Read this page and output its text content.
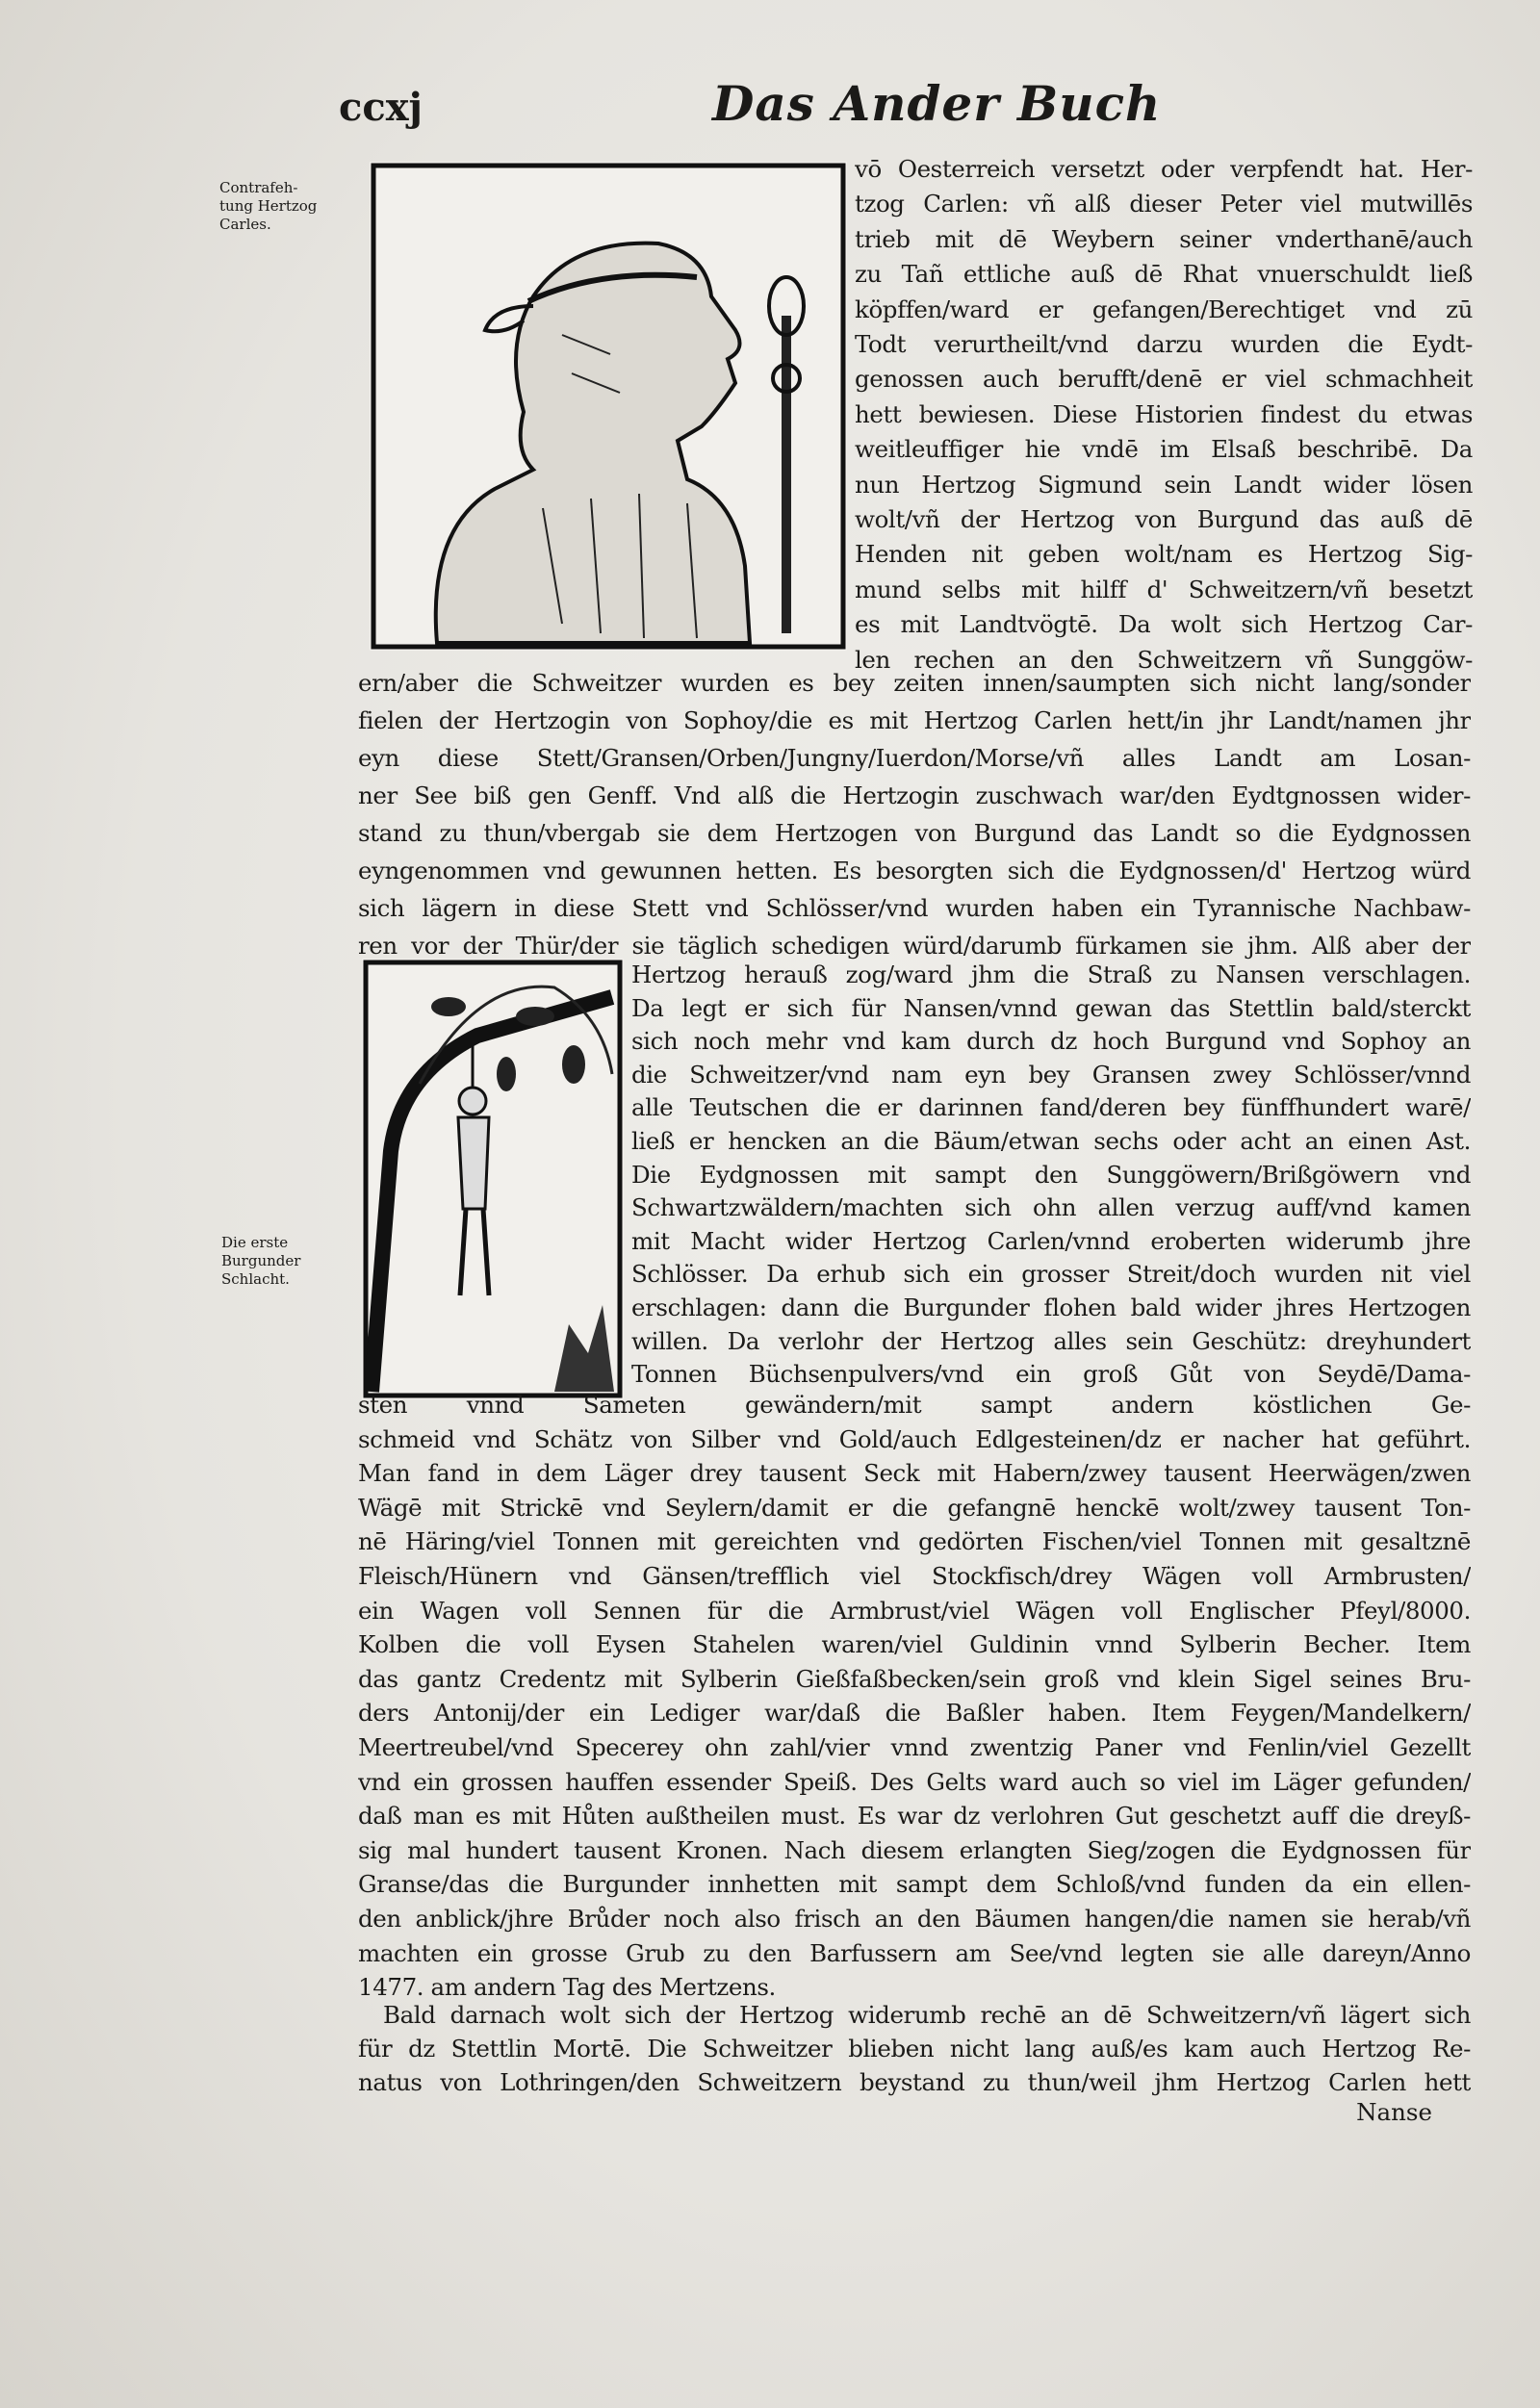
ccxj	Das Ander Buch
Contrafeh- tung Hertzog Carles.
Die erste Burgunder Schlacht.
vō Oesterreich versetzt oder verpfendt hat. Her-
tzog Carlen: vñ alß dieser Peter viel mutwillēs
trieb mit dē Weybern seiner vnderthanē/auch
zu Tañ ettliche auß dē Rhat vnuerschuldt ließ
köpffen/ward er gefangen/Berechtiget vnd zū
Todt verurtheilt/vnd darzu wurden die Eydt-
genossen auch berufft/denē er viel schmachheit
hett bewiesen. Diese Historien findest du etwas
weitleuffiger hie vndē im Elsaß beschribē. Da
nun Hertzog Sigmund sein Landt wider lösen
wolt/vñ der Hertzog von Burgund das auß dē
Henden nit geben wolt/nam es Hertzog Sig-
mund selbs mit hilff d' Schweitzern/vñ besetzt
es mit Landtvögtē. Da wolt sich Hertzog Car-
len rechen an den Schweitzern vñ Sunggöw-
ern/aber die Schweitzer wurden es bey zeiten innen/saumpten sich nicht lang/sonder
fielen der Hertzogin von Sophoy/die es mit Hertzog Carlen hett/in jhr Landt/namen jhr
eyn diese Stett/Gransen/Orben/Jungny/Iuerdon/Morse/vñ alles Landt am Losan-
ner See biß gen Genff. Vnd alß die Hertzogin zuschwach war/den Eydtgnossen wider-
stand zu thun/vbergab sie dem Hertzogen von Burgund das Landt so die Eydgnossen
eyngenommen vnd gewunnen hetten. Es besorgten sich die Eydgnossen/d' Hertzog würd
sich lägern in diese Stett vnd Schlösser/vnd wurden haben ein Tyrannische Nachbaw-
ren vor der Thür/der sie täglich schedigen würd/darumb fürkamen sie jhm. Alß aber der
Hertzog herauß zog/ward jhm die Straß zu Nansen verschlagen.
Da legt er sich für Nansen/vnnd gewan das Stettlin bald/sterckt
sich noch mehr vnd kam durch dz hoch Burgund vnd Sophoy an
die Schweitzer/vnd nam eyn bey Gransen zwey Schlösser/vnnd
alle Teutschen die er darinnen fand/deren bey fünffhundert warē/
ließ er hencken an die Bäum/etwan sechs oder acht an einen Ast.
Die Eydgnossen mit sampt den Sunggöwern/Brißgöwern vnd
Schwartzwäldern/machten sich ohn allen verzug auff/vnd kamen
mit Macht wider Hertzog Carlen/vnnd eroberten widerumb jhre
Schlösser. Da erhub sich ein grosser Streit/doch wurden nit viel
erschlagen: dann die Burgunder flohen bald wider jhres Hertzogen
willen. Da verlohr der Hertzog alles sein Geschütz: dreyhundert
Tonnen Büchsenpulvers/vnd ein groß Gůt von Seydē/Dama-
sten vnnd Sameten gewändern/mit sampt andern köstlichen Ge-
schmeid vnd Schätz von Silber vnd Gold/auch Edlgesteinen/dz er nacher hat geführt.
Man fand in dem Läger drey tausent Seck mit Habern/zwey tausent Heerwägen/zwen
Wägē mit Strickē vnd Seylern/damit er die gefangnē henckē wolt/zwey tausent Ton-
nē Häring/viel Tonnen mit gereichten vnd gedörten Fischen/viel Tonnen mit gesaltznē
Fleisch/Hünern vnd Gänsen/trefflich viel Stockfisch/drey Wägen voll Armbrusten/
ein Wagen voll Sennen für die Armbrust/viel Wägen voll Englischer Pfeyl/8000.
Kolben die voll Eysen Stahelen waren/viel Guldinin vnnd Sylberin Becher. Item
das gantz Credentz mit Sylberin Gießfaßbecken/sein groß vnd klein Sigel seines Bru-
ders Antonij/der ein Lediger war/daß die Baßler haben. Item Feygen/Mandelkern/
Meertreubel/vnd Specerey ohn zahl/vier vnnd zwentzig Paner vnd Fenlin/viel Gezellt
vnd ein grossen hauffen essender Speiß. Des Gelts ward auch so viel im Läger gefunden/
daß man es mit Hůten außtheilen must. Es war dz verlohren Gut geschetzt auff die dreyß-
sig mal hundert tausent Kronen. Nach diesem erlangten Sieg/zogen die Eydgnossen für
Granse/das die Burgunder innhetten mit sampt dem Schloß/vnd funden da ein ellen-
den anblick/jhre Brůder noch also frisch an den Bäumen hangen/die namen sie herab/vñ
machten ein grosse Grub zu den Barfussern am See/vnd legten sie alle dareyn/Anno
1477. am andern Tag des Mertzens.
Bald darnach wolt sich der Hertzog widerumb rechē an dē Schweitzern/vñ lägert sich
für dz Stettlin Mortē. Die Schweitzer blieben nicht lang auß/es kam auch Hertzog Re-
natus von Lothringen/den Schweitzern beystand zu thun/weil jhm Hertzog Carlen hett
Nanse
